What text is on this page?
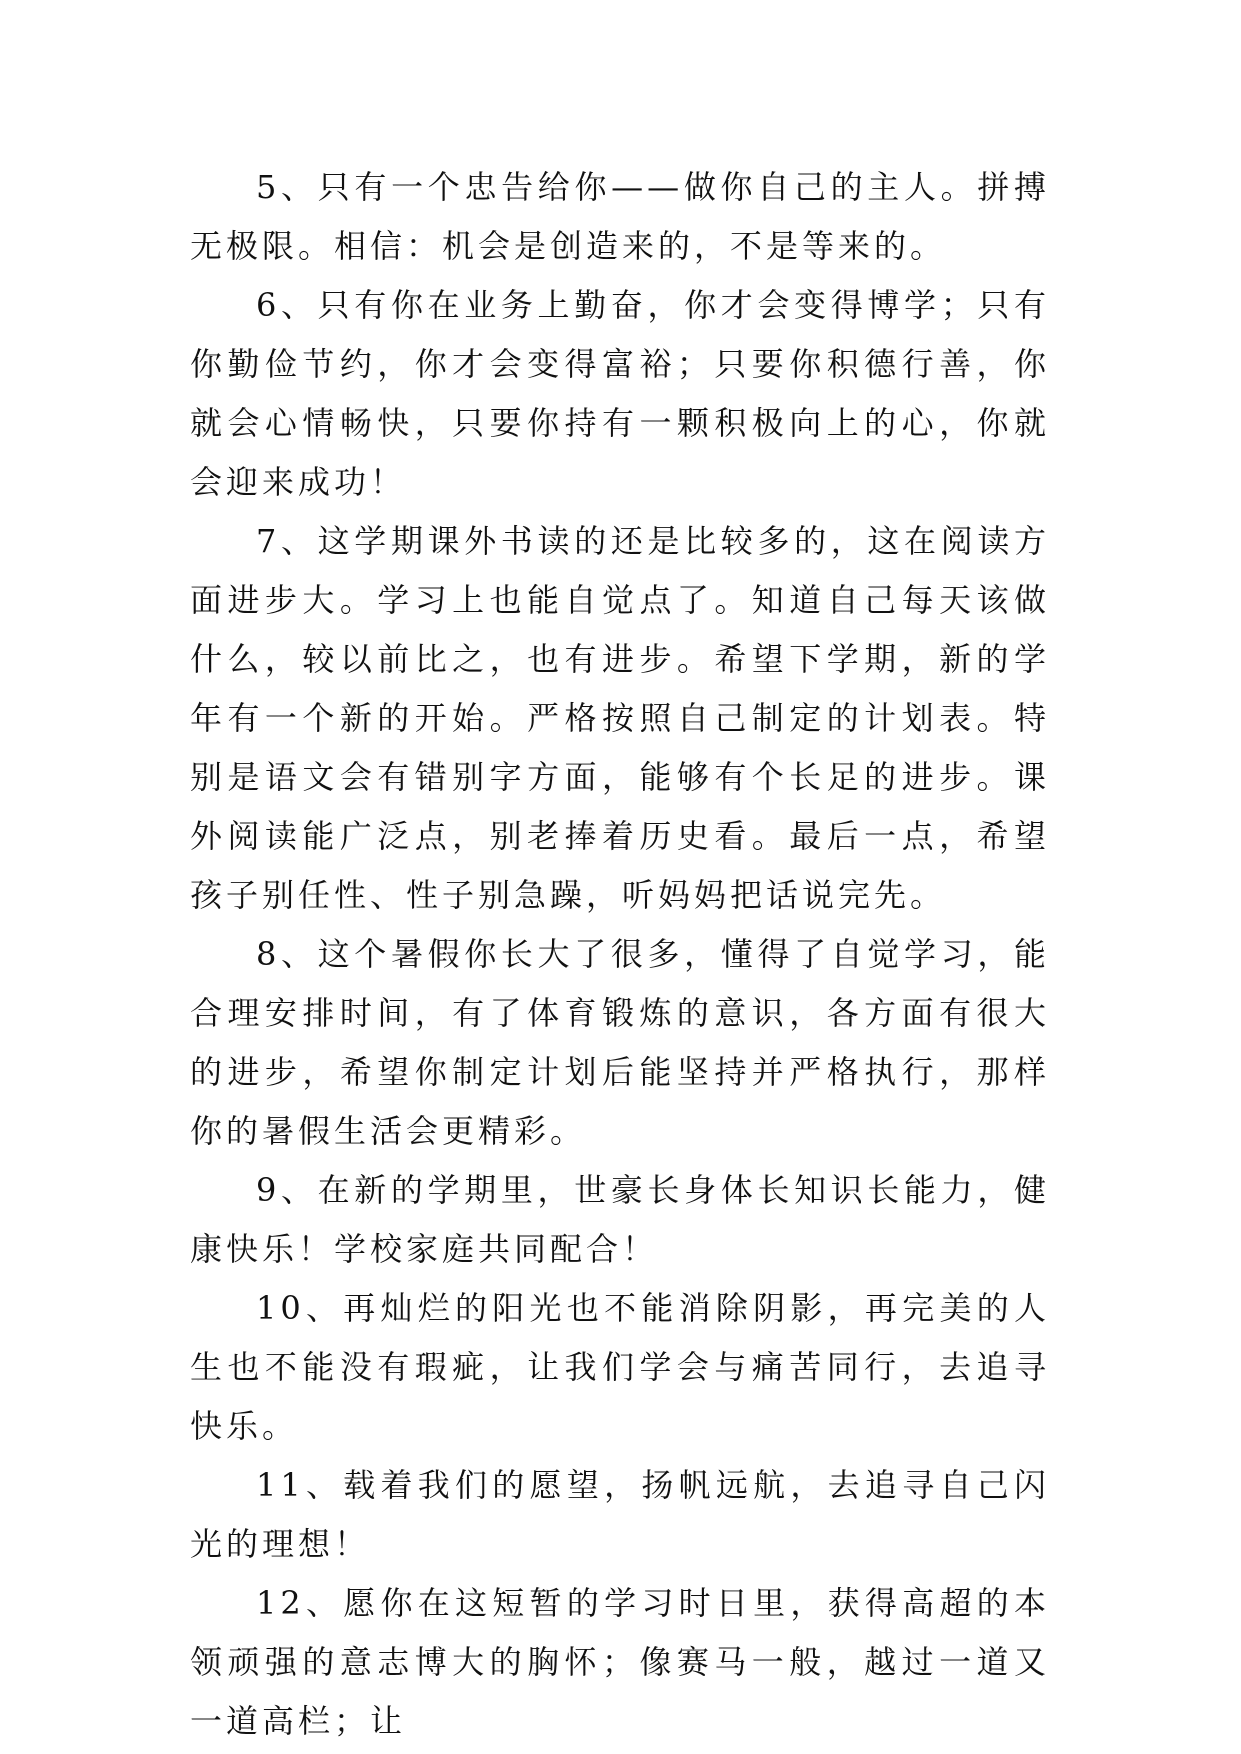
5、只有一个忠告给你——做你自己的主人。拼搏无极限。相信：机会是创造来的，不是等来的。

6、只有你在业务上勤奋，你才会变得博学；只有你勤俭节约，你才会变得富裕；只要你积德行善，你就会心情畅快，只要你持有一颗积极向上的心，你就会迎来成功！

7、这学期课外书读的还是比较多的，这在阅读方面进步大。学习上也能自觉点了。知道自己每天该做什么，较以前比之，也有进步。希望下学期，新的学年有一个新的开始。严格按照自己制定的计划表。特别是语文会有错别字方面，能够有个长足的进步。课外阅读能广泛点，别老捧着历史看。最后一点，希望孩子别任性、性子别急躁，听妈妈把话说完先。

8、这个暑假你长大了很多，懂得了自觉学习，能合理安排时间，有了体育锻炼的意识，各方面有很大的进步，希望你制定计划后能坚持并严格执行，那样你的暑假生活会更精彩。

9、在新的学期里，世豪长身体长知识长能力，健康快乐！学校家庭共同配合！

10、再灿烂的阳光也不能消除阴影，再完美的人生也不能没有瑕疵，让我们学会与痛苦同行，去追寻快乐。

11、载着我们的愿望，扬帆远航，去追寻自己闪光的理想！

12、愿你在这短暂的学习时日里，获得高超的本领顽强的意志博大的胸怀；像赛马一般，越过一道又一道高栏；让
